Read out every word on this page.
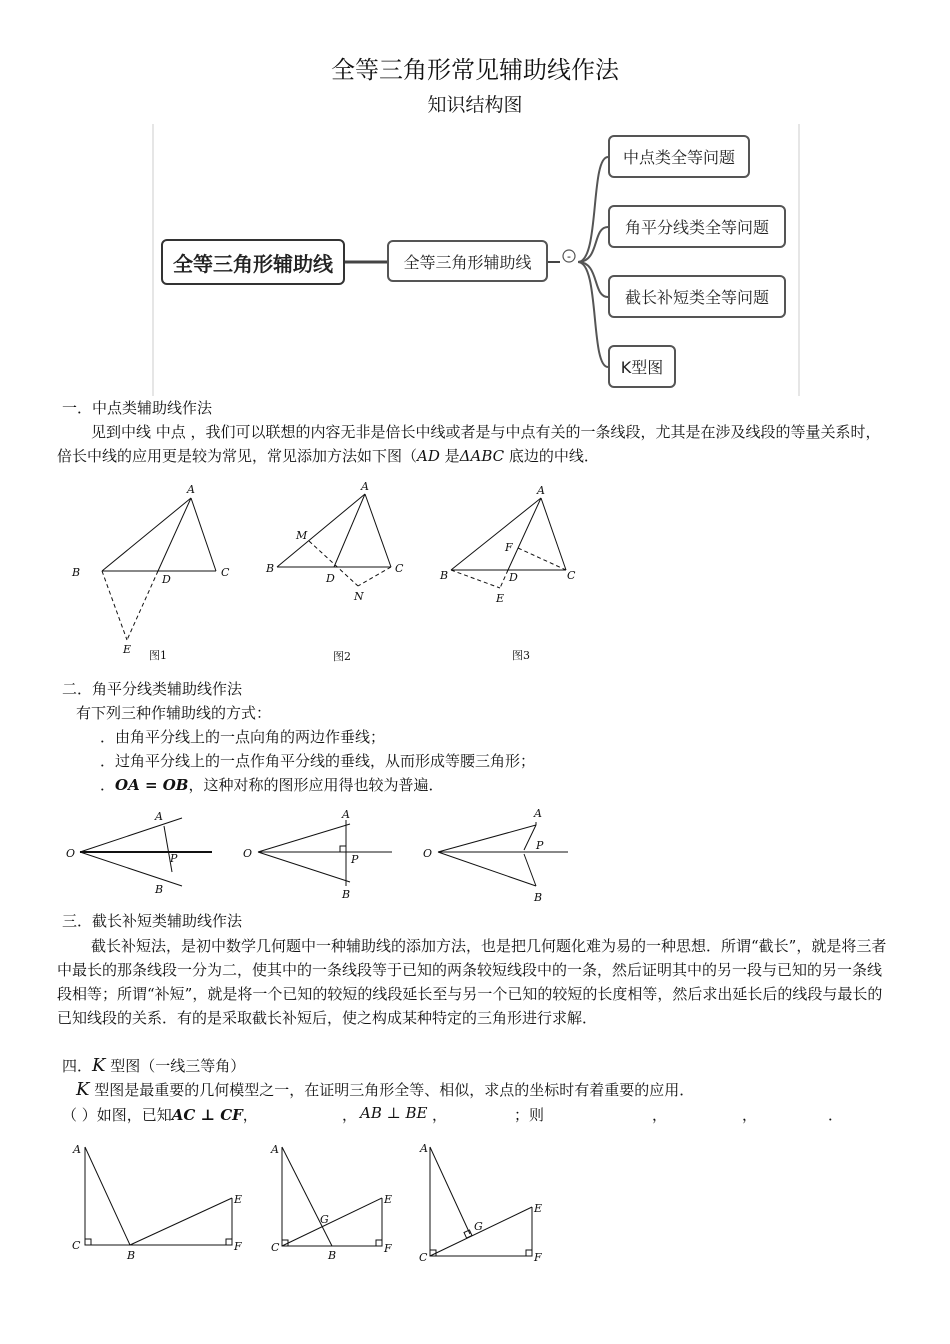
全等三角形常见辅助线作法
知识结构图
-
全等三角形辅助线	全等三角形辅助线
中点类全等问题
角平分线类全等问题
截长补短类全等问题
K型图
一．中点类辅助线作法
见到中线 中点 ，我们可以联想的内容无非是倍长中线或者是与中点有关的一条线段，尤其是在涉及线段的等量关系时，倍长中线的应用更是较为常见，常见添加方法如下图（AD 是ΔABC 底边的中线．
A
B	C
D
E 图1
A
M
B	C
D
N
图2
A
F
B	C
D
E
图3
二．角平分线类辅助线作法
有下列三种作辅助线的方式：
．由角平分线上的一点向角的两边作垂线；
．过角平分线上的一点作角平分线的垂线，从而形成等腰三角形；
．OA = OB，这种对称的图形应用得也较为普遍．
O
A
P
B
O
A
P
B
O
A
P
B
三．截长补短类辅助线作法
截长补短法，是初中数学几何题中一种辅助线的添加方法，也是把几何题化难为易的一种思想．所谓“截长”，就是将三者中最长的那条线段一分为二，使其中的一条线段等于已知的两条较短线段中的一条，然后证明其中的另一段与已知的另一条线段相等；所谓“补短”，就是将一个已知的较短的线段延长至与另一个已知的较短的长度相等，然后求出延长后的线段与最长的已知线段的关系．有的是采取截长补短后，使之构成某种特定的三角形进行求解．
四．K 型图（一线三等角）
K 型图是最重要的几何模型之一，在证明三角形全等、相似，求点的坐标时有着重要的应用．
（ ）如图，已知AC ⊥ CF，	， AB ⊥ BE ，	；则	，	，	．
A
C
B
E
F
A
C
B
G
E
F
A
C
G
E
F
